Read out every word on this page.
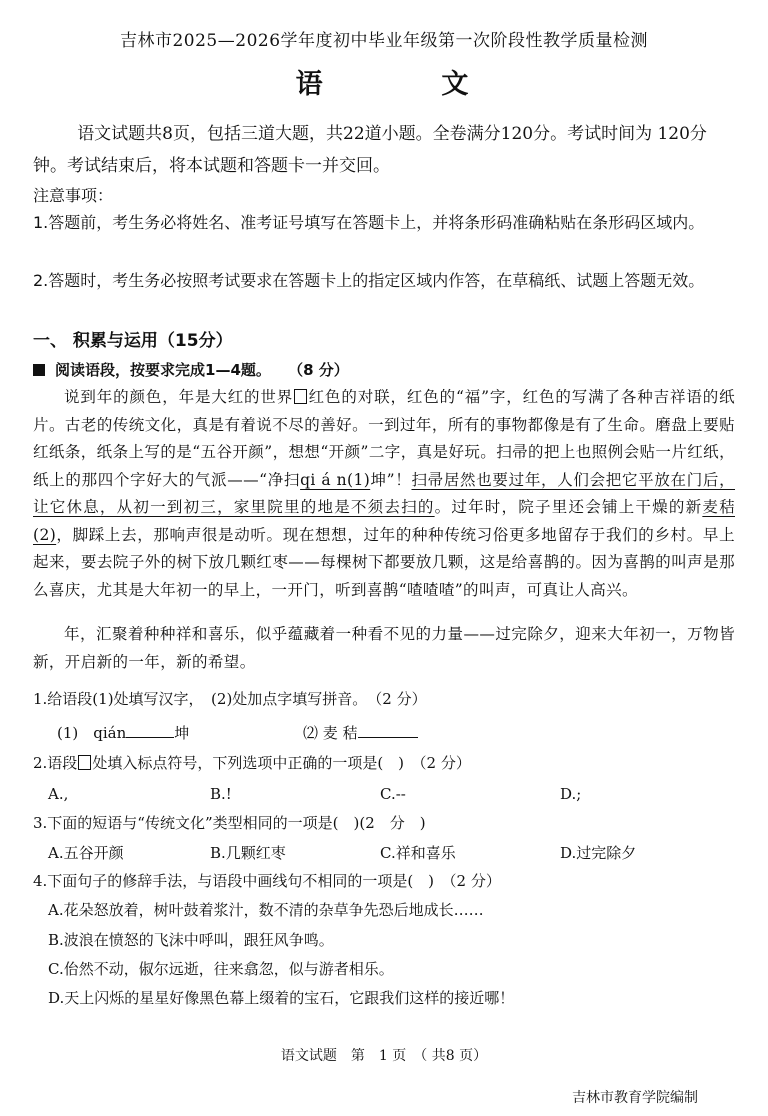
吉林市2025—2026学年度初中毕业年级第一次阶段性教学质量检测
语	文
语文试题共8页，包括三道大题，共22道小题。全卷满分120分。考试时间为 120分钟。考试结束后，将本试题和答题卡一并交回。
注意事项：
1.答题前，考生务必将姓名、准考证号填写在答题卡上，并将条形码准确粘贴在条形码区域内。
2.答题时，考生务必按照考试要求在答题卡上的指定区域内作答，在草稿纸、试题上答题无效。
一、 积累与运用（15分）
阅读语段，按要求完成1—4题。 （8 分）
说到年的颜色，年是大红的世界 红色的对联，红色的“福”字，红色的写满了各种吉祥语的纸片。古老的传统文化，真是有着说不尽的善好。一到过年，所有的事物都像是有了生命。磨盘上要贴红纸条，纸条上写的是“五谷开颜”，想想“开颜”二字，真是好玩。扫帚的把上也照例会贴一片红纸，纸上的那四个字好大的气派——“净扫qi á n(1)坤”！扫帚居然也要过年，人们会把它平放在门后，让它休息，从初一到初三，家里院里的地是不须去扫的。过年时，院子里还会铺上干燥的新麦秸(2)，脚踩上去，那响声很是动听。现在想想，过年的种种传统习俗更多地留存于我们的乡村。早上起来，要去院子外的树下放几颗红枣——每棵树下都要放几颗，这是给喜鹊的。因为喜鹊的叫声是那么喜庆，尤其是大年初一的早上，一开门，听到喜鹊“喳喳喳”的叫声，可真让人高兴。
年，汇聚着种种祥和喜乐，似乎蕴藏着一种看不见的力量——过完除夕，迎来大年初一，万物皆新，开启新的一年，新的希望。
1.给语段(1)处填写汉字，　(2)处加点字填写拼音。　（2 分）
(1)　qián	坤	⑵ 麦 秸
2.语段 处填入标点符号，下列选项中正确的一项是(　)　（2 分）
A.,	B.!	C.--	D.;
3.下面的短语与“传统文化”类型相同的一项是(　)(2　分　)
A.五谷开颜	B.几颗红枣	C.祥和喜乐	D.过完除夕
4.下面句子的修辞手法，与语段中画线句不相同的一项是(　)　（2 分）
A.花朵怒放着，树叶鼓着浆汁，数不清的杂草争先恐后地成长……
B.波浪在愤怒的飞沫中呼叫，跟狂风争鸣。
C.佁然不动，俶尔远逝，往来翕忽，似与游者相乐。
D.天上闪烁的星星好像黑色幕上缀着的宝石，它跟我们这样的接近哪！
语文试题　第　1 页　（ 共8 页）
吉林市教育学院编制
